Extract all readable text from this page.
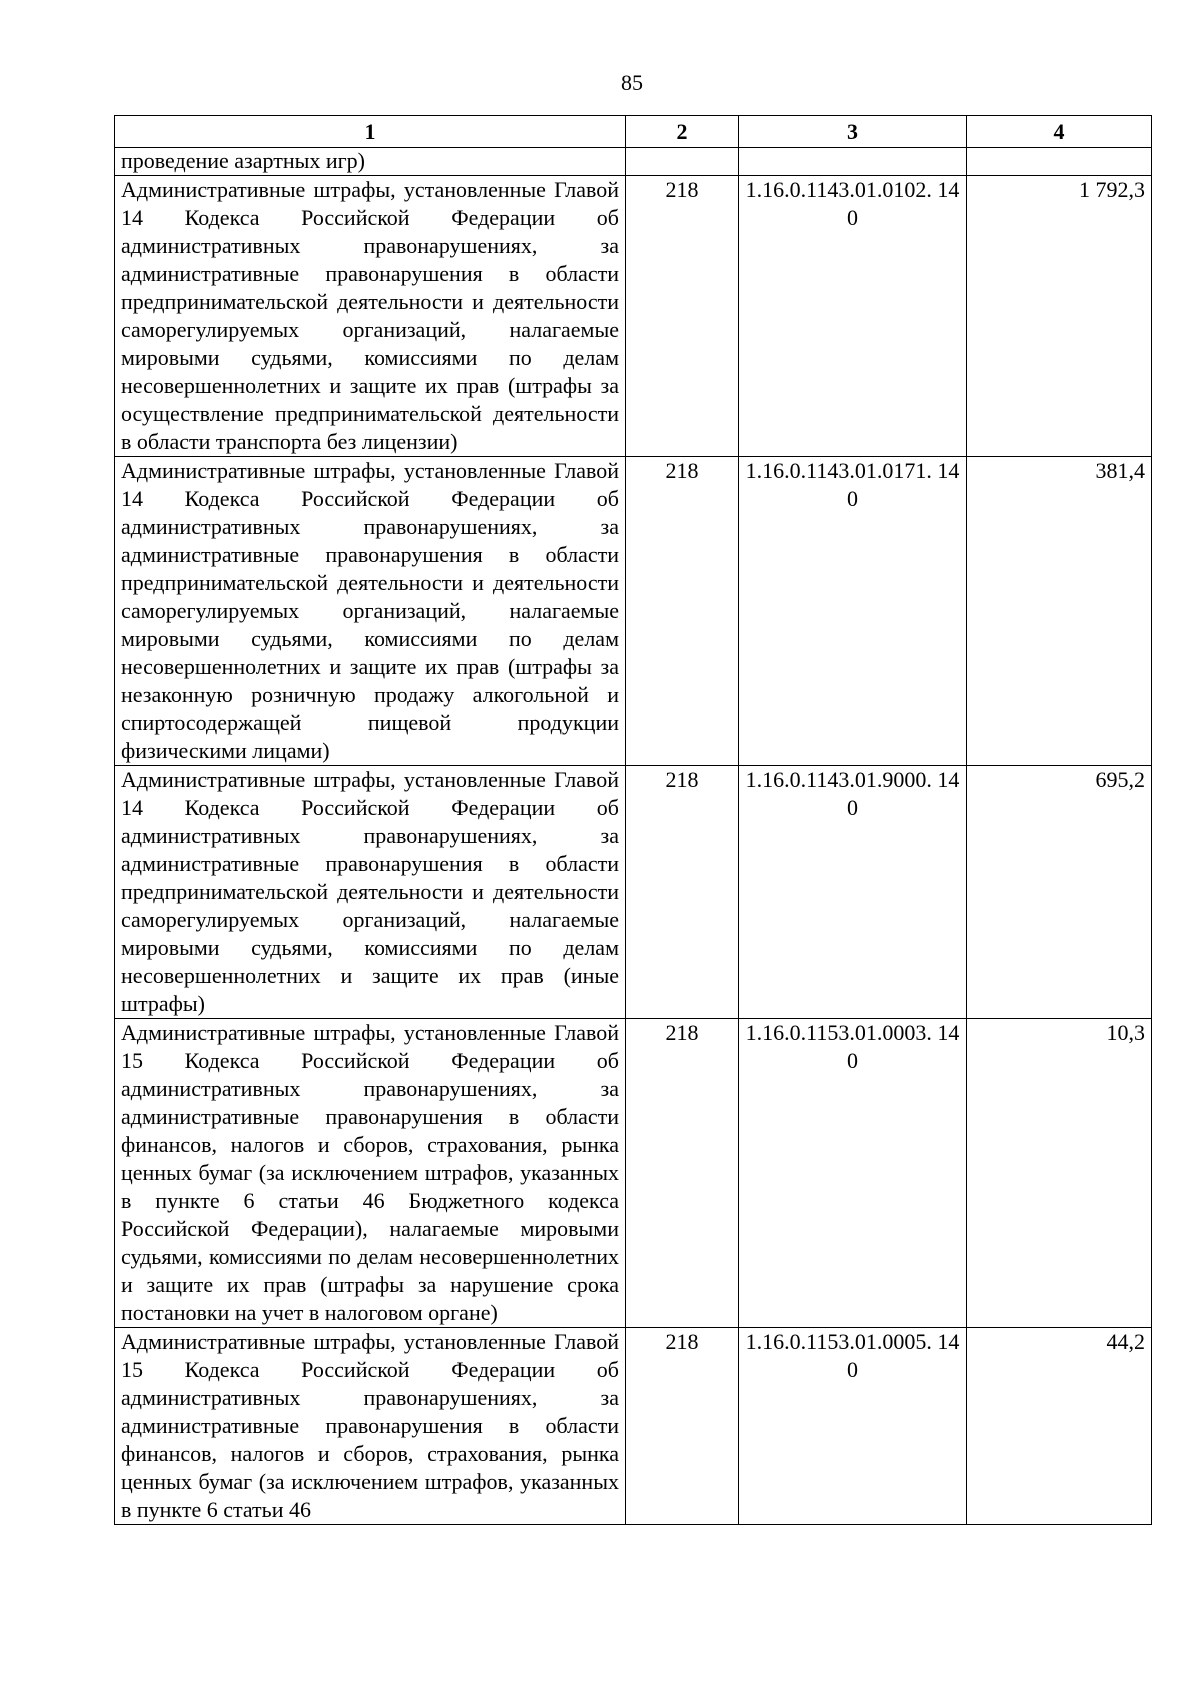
85
1	2	3	4
проведение азартных игр)			
Административные штрафы, установленные Главой 14 Кодекса Российской Федерации об административных правонарушениях, за административные правонарушения в области предпринимательской деятельности и деятельности саморегулируемых организаций, налагаемые мировыми судьями, комиссиями по делам несовершеннолетних и защите их прав (штрафы за осуществление предпринимательской деятельности в области транспорта без лицензии)	218	1.16.0.1143.01.0102. 140	1 792,3
Административные штрафы, установленные Главой 14 Кодекса Российской Федерации об административных правонарушениях, за административные правонарушения в области предпринимательской деятельности и деятельности саморегулируемых организаций, налагаемые мировыми судьями, комиссиями по делам несовершеннолетних и защите их прав (штрафы за незаконную розничную продажу алкогольной и спиртосодержащей пищевой продукции физическими лицами)	218	1.16.0.1143.01.0171. 140	381,4
Административные штрафы, установленные Главой 14 Кодекса Российской Федерации об административных правонарушениях, за административные правонарушения в области предпринимательской деятельности и деятельности саморегулируемых организаций, налагаемые мировыми судьями, комиссиями по делам несовершеннолетних и защите их прав (иные штрафы)	218	1.16.0.1143.01.9000. 140	695,2
Административные штрафы, установленные Главой 15 Кодекса Российской Федерации об административных правонарушениях, за административные правонарушения в области финансов, налогов и сборов, страхования, рынка ценных бумаг (за исключением штрафов, указанных в пункте 6 статьи 46 Бюджетного кодекса Российской Федерации), налагаемые мировыми судьями, комиссиями по делам несовершеннолетних и защите их прав (штрафы за нарушение срока постановки на учет в налоговом органе)	218	1.16.0.1153.01.0003. 140	10,3
Административные штрафы, установленные Главой 15 Кодекса Российской Федерации об административных правонарушениях, за административные правонарушения в области финансов, налогов и сборов, страхования, рынка ценных бумаг (за исключением штрафов, указанных в пункте 6 статьи 46	218	1.16.0.1153.01.0005. 140	44,2
